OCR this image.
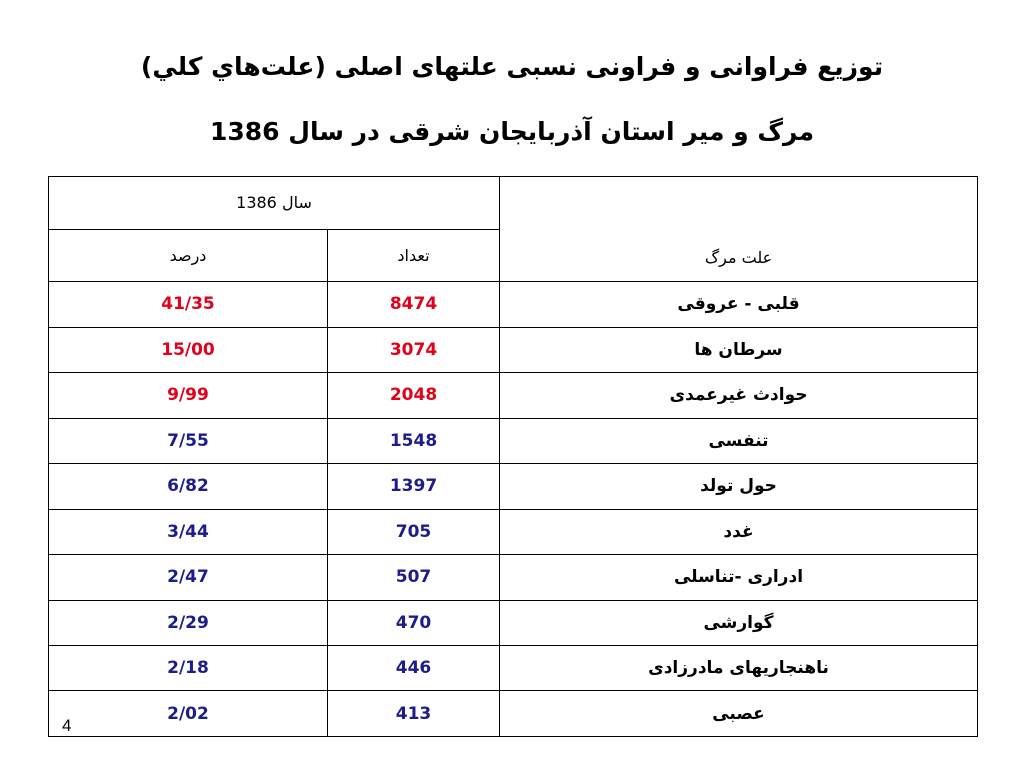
توزیع فراوانی و فراونی نسبی علتهای اصلی (علت‌هاي كلي)
مرگ و میر استان آذربایجان شرقی در سال 1386
سال 1386		علت مرگ
درصد	تعداد	
41/35	8474	قلبی - عروقی
15/00	3074	سرطان ها
9/99	2048	حوادث غیرعمدی
7/55	1548	تنفسی
6/82	1397	حول تولد
3/44	705	غدد
2/47	507	ادراری -تناسلی
2/29	470	گوارشی
2/18	446	ناهنجاریهای مادرزادی
2/02	413	عصبی
4
